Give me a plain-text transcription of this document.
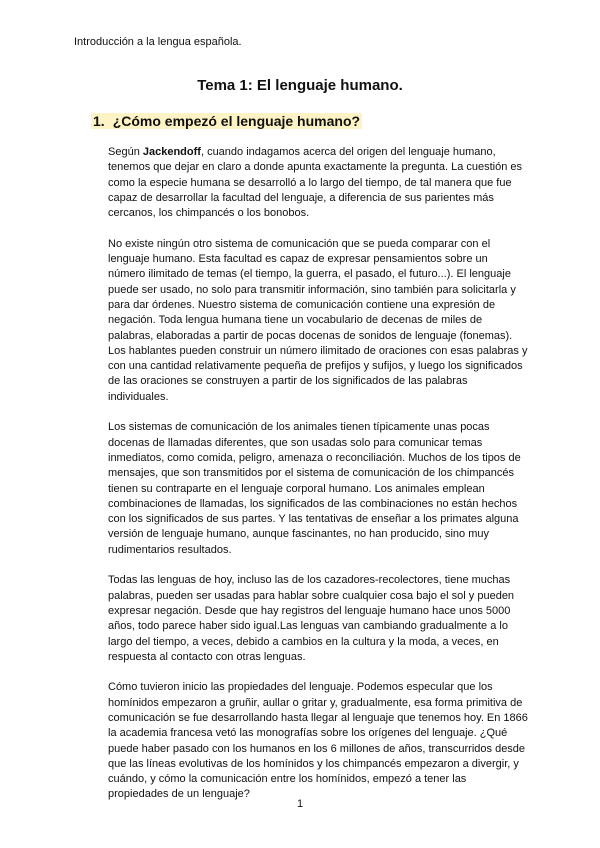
Introducción a la lengua española.
Tema 1: El lenguaje humano.
1. ¿Cómo empezó el lenguaje humano?

Según Jackendoff, cuando indagamos acerca del origen del lenguaje humano, tenemos que dejar en claro a donde apunta exactamente la pregunta. La cuestión es como la especie humana se desarrolló a lo largo del tiempo, de tal manera que fue capaz de desarrollar la facultad del lenguaje, a diferencia de sus parientes más cercanos, los chimpancés o los bonobos.

No existe ningún otro sistema de comunicación que se pueda comparar con el lenguaje humano. Esta facultad es capaz de expresar pensamientos sobre un número ilimitado de temas (el tiempo, la guerra, el pasado, el futuro...). El lenguaje puede ser usado, no solo para transmitir información, sino también para solicitarla y para dar órdenes. Nuestro sistema de comunicación contiene una expresión de negación. Toda lengua humana tiene un vocabulario de decenas de miles de palabras, elaboradas a partir de pocas docenas de sonidos de lenguaje (fonemas). Los hablantes pueden construir un número ilimitado de oraciones con esas palabras y con una cantidad relativamente pequeña de prefijos y sufijos, y luego los significados de las oraciones se construyen a partir de los significados de las palabras individuales.

Los sistemas de comunicación de los animales tienen típicamente unas pocas docenas de llamadas diferentes, que son usadas solo para comunicar temas inmediatos, como comida, peligro, amenaza o reconciliación. Muchos de los tipos de mensajes, que son transmitidos por el sistema de comunicación de los chimpancés tienen su contraparte en el lenguaje corporal humano. Los animales emplean combinaciones de llamadas, los significados de las combinaciones no están hechos con los significados de sus partes. Y las tentativas de enseñar a los primates alguna versión de lenguaje humano, aunque fascinantes, no han producido, sino muy rudimentarios resultados.

Todas las lenguas de hoy, incluso las de los cazadores-recolectores, tiene muchas palabras, pueden ser usadas para hablar sobre cualquier cosa bajo el sol y pueden expresar negación. Desde que hay registros del lenguaje humano hace unos 5000 años, todo parece haber sido igual.Las lenguas van cambiando gradualmente a lo largo del tiempo, a veces, debido a cambios en la cultura y la moda, a veces, en respuesta al contacto con otras lenguas.

Cómo tuvieron inicio las propiedades del lenguaje. Podemos especular que los homínidos empezaron a gruñir, aullar o gritar y, gradualmente, esa forma primitiva de comunicación se fue desarrollando hasta llegar al lenguaje que tenemos hoy. En 1866 la academia francesa vetó las monografías sobre los orígenes del lenguaje. ¿Qué puede haber pasado con los humanos en los 6 millones de años, transcurridos desde que las líneas evolutivas de los homínidos y los chimpancés empezaron a divergir, y cuándo, y cómo la comunicación entre los homínidos, empezó a tener las propiedades de un lenguaje?

1
